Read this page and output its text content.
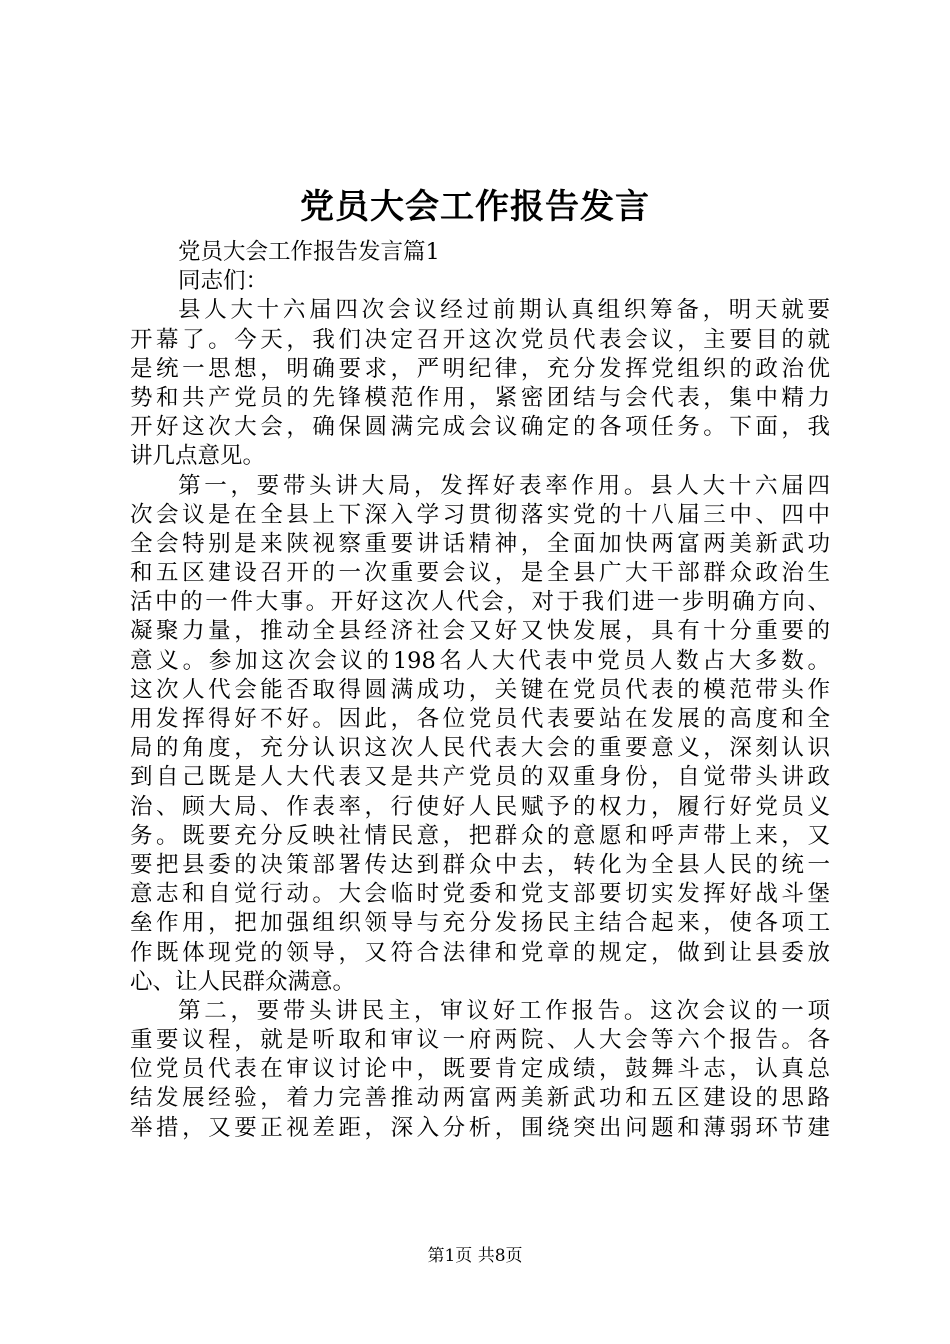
党员大会工作报告发言
党员大会工作报告发言篇1
同志们：
县人大十六届四次会议经过前期认真组织筹备，明天就要
开幕了。今天，我们决定召开这次党员代表会议，主要目的就
是统一思想，明确要求，严明纪律，充分发挥党组织的政治优
势和共产党员的先锋模范作用，紧密团结与会代表，集中精力
开好这次大会，确保圆满完成会议确定的各项任务。下面，我
讲几点意见。
第一，要带头讲大局，发挥好表率作用。县人大十六届四
次会议是在全县上下深入学习贯彻落实党的十八届三中、四中
全会特别是来陕视察重要讲话精神，全面加快两富两美新武功
和五区建设召开的一次重要会议，是全县广大干部群众政治生
活中的一件大事。开好这次人代会，对于我们进一步明确方向、
凝聚力量，推动全县经济社会又好又快发展，具有十分重要的
意义。参加这次会议的198名人大代表中党员人数占大多数。
这次人代会能否取得圆满成功，关键在党员代表的模范带头作
用发挥得好不好。因此，各位党员代表要站在发展的高度和全
局的角度，充分认识这次人民代表大会的重要意义，深刻认识
到自己既是人大代表又是共产党员的双重身份，自觉带头讲政
治、顾大局、作表率，行使好人民赋予的权力，履行好党员义
务。既要充分反映社情民意，把群众的意愿和呼声带上来，又
要把县委的决策部署传达到群众中去，转化为全县人民的统一
意志和自觉行动。大会临时党委和党支部要切实发挥好战斗堡
垒作用，把加强组织领导与充分发扬民主结合起来，使各项工
作既体现党的领导，又符合法律和党章的规定，做到让县委放
心、让人民群众满意。
第二，要带头讲民主，审议好工作报告。这次会议的一项
重要议程，就是听取和审议一府两院、人大会等六个报告。各
位党员代表在审议讨论中，既要肯定成绩，鼓舞斗志，认真总
结发展经验，着力完善推动两富两美新武功和五区建设的思路
举措，又要正视差距，深入分析，围绕突出问题和薄弱环节建
第1页 共8页
